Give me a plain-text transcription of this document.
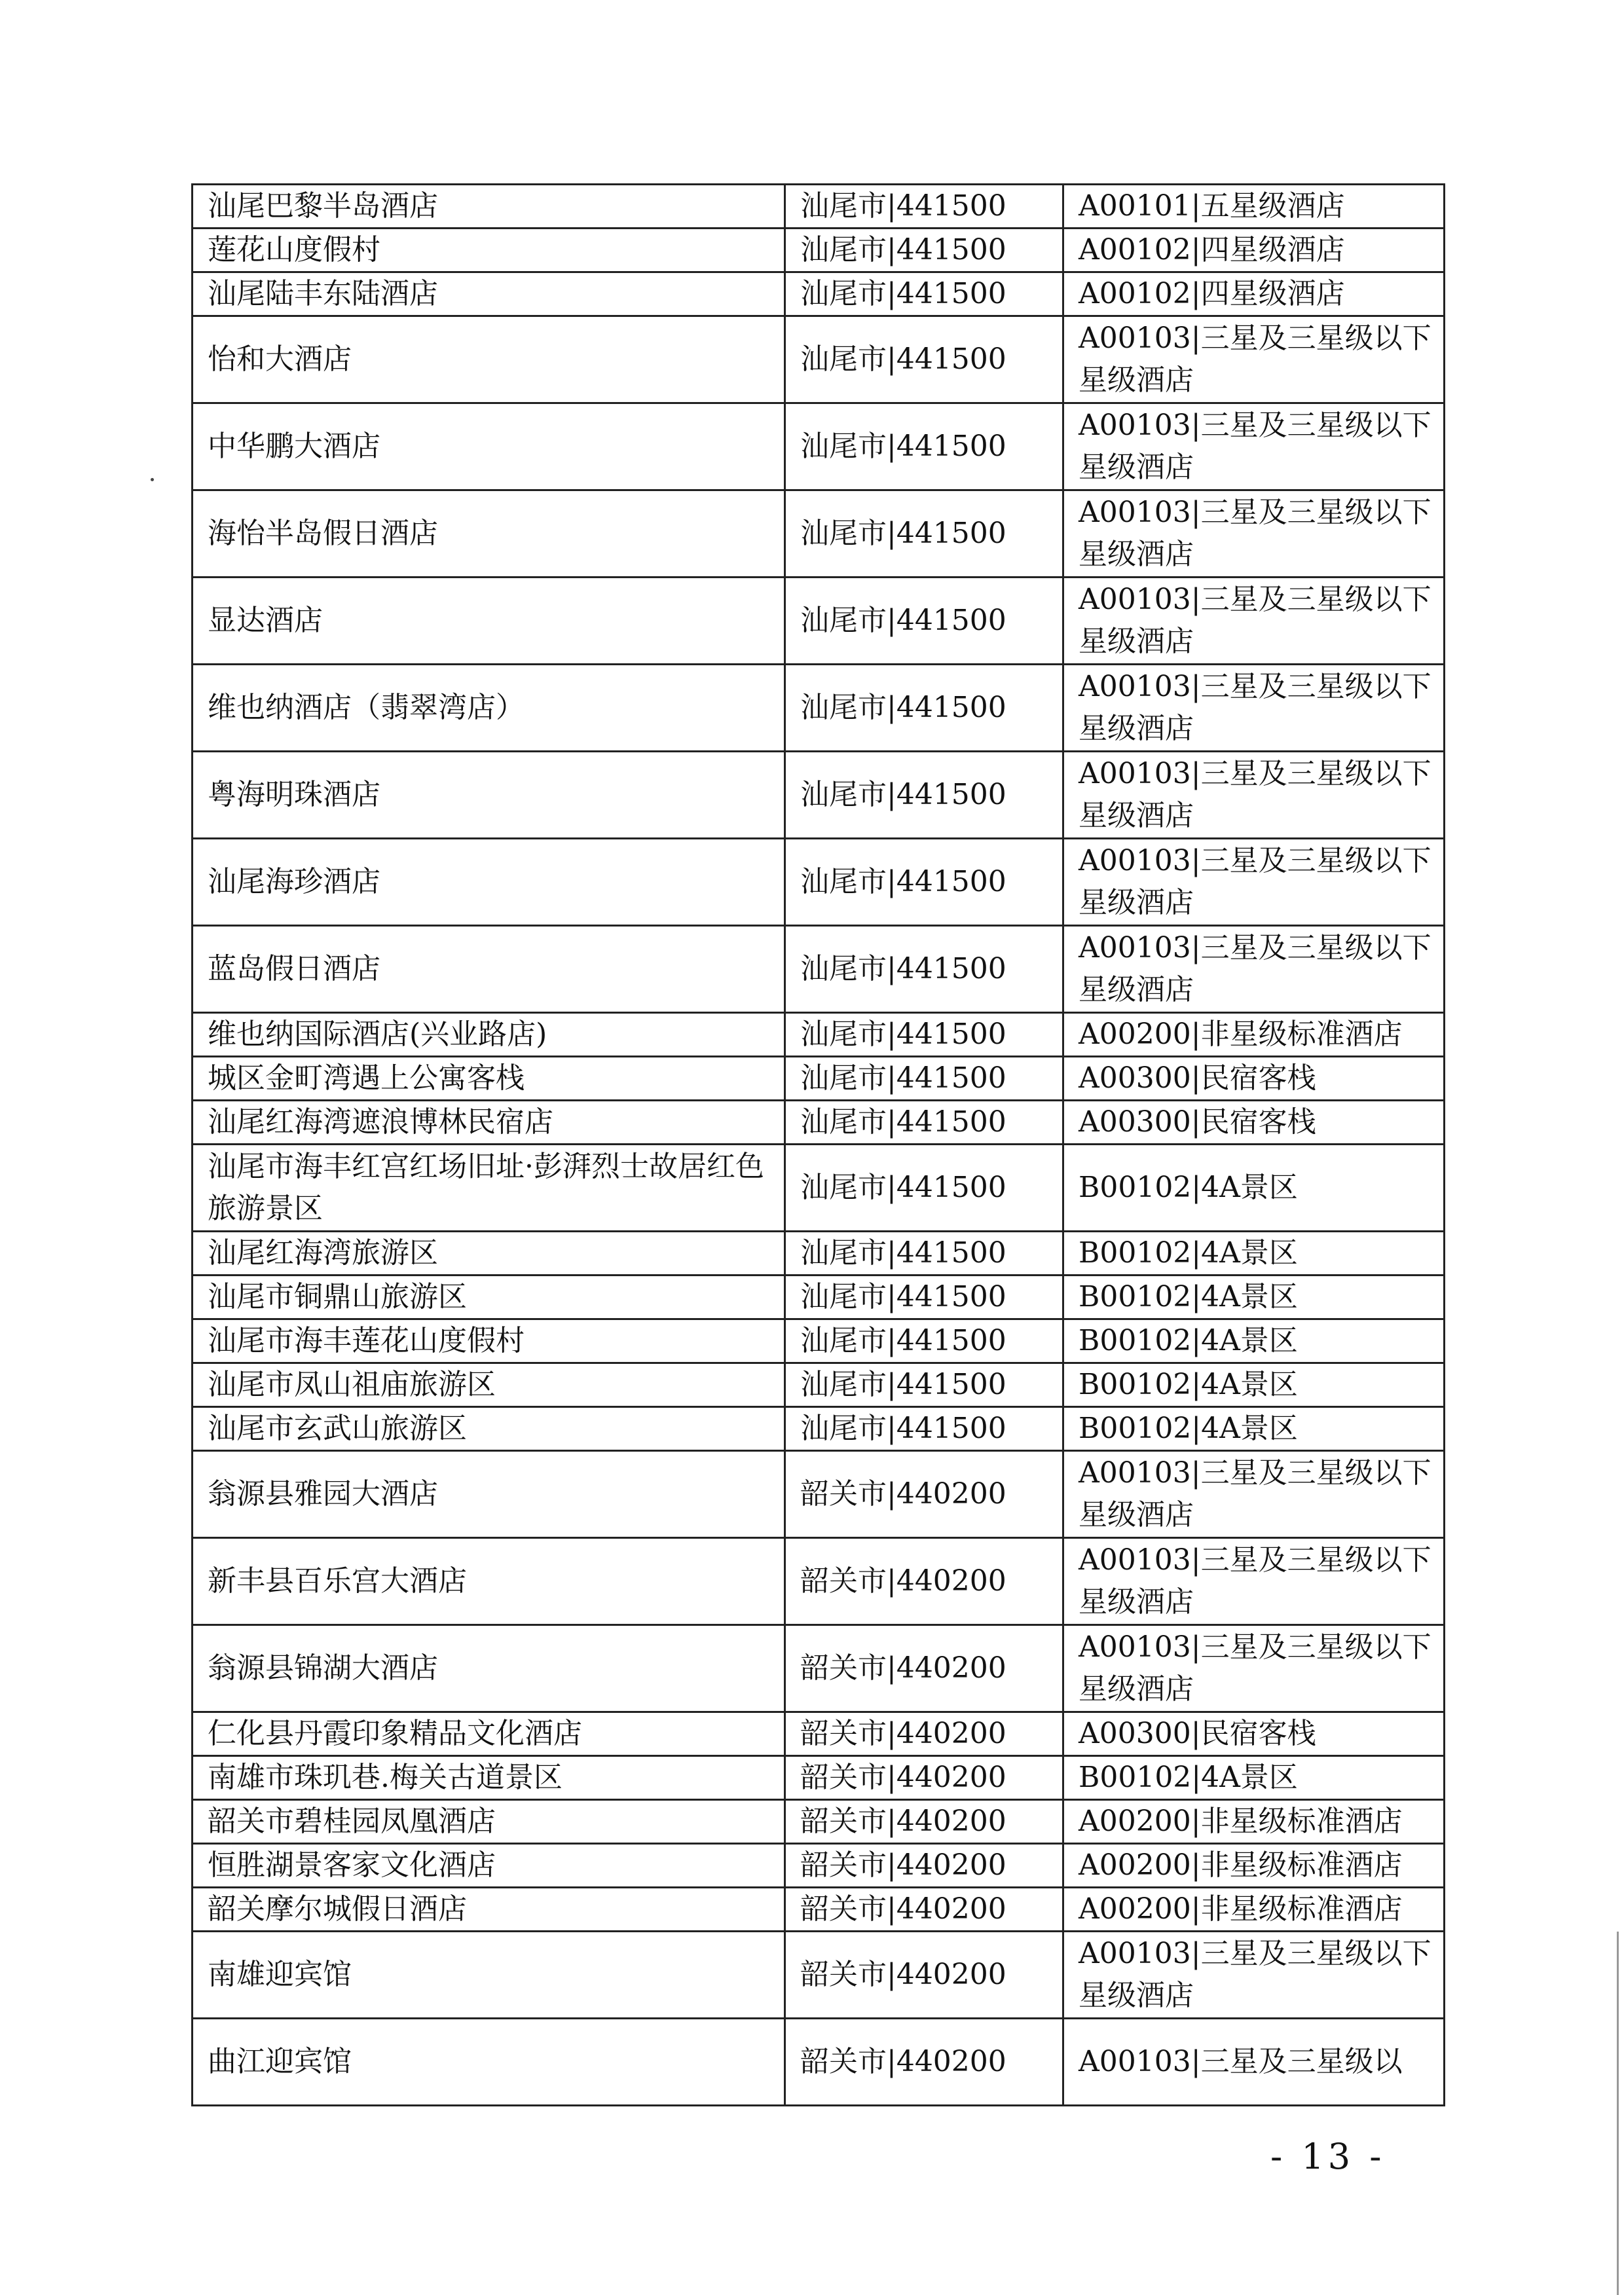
汕尾巴黎半岛酒店	汕尾市|441500	A00101|五星级酒店
莲花山度假村	汕尾市|441500	A00102|四星级酒店
汕尾陆丰东陆酒店	汕尾市|441500	A00102|四星级酒店
怡和大酒店	汕尾市|441500	A00103|三星及三星级以下星级酒店
中华鹏大酒店	汕尾市|441500	A00103|三星及三星级以下星级酒店
海怡半岛假日酒店	汕尾市|441500	A00103|三星及三星级以下星级酒店
显达酒店	汕尾市|441500	A00103|三星及三星级以下星级酒店
维也纳酒店（翡翠湾店）	汕尾市|441500	A00103|三星及三星级以下星级酒店
粤海明珠酒店	汕尾市|441500	A00103|三星及三星级以下星级酒店
汕尾海珍酒店	汕尾市|441500	A00103|三星及三星级以下星级酒店
蓝岛假日酒店	汕尾市|441500	A00103|三星及三星级以下星级酒店
维也纳国际酒店(兴业路店)	汕尾市|441500	A00200|非星级标准酒店
城区金町湾遇上公寓客栈	汕尾市|441500	A00300|民宿客栈
汕尾红海湾遮浪博林民宿店	汕尾市|441500	A00300|民宿客栈
汕尾市海丰红宫红场旧址·彭湃烈士故居红色旅游景区	汕尾市|441500	B00102|4A景区
汕尾红海湾旅游区	汕尾市|441500	B00102|4A景区
汕尾市铜鼎山旅游区	汕尾市|441500	B00102|4A景区
汕尾市海丰莲花山度假村	汕尾市|441500	B00102|4A景区
汕尾市凤山祖庙旅游区	汕尾市|441500	B00102|4A景区
汕尾市玄武山旅游区	汕尾市|441500	B00102|4A景区
翁源县雅园大酒店	韶关市|440200	A00103|三星及三星级以下星级酒店
新丰县百乐宫大酒店	韶关市|440200	A00103|三星及三星级以下星级酒店
翁源县锦湖大酒店	韶关市|440200	A00103|三星及三星级以下星级酒店
仁化县丹霞印象精品文化酒店	韶关市|440200	A00300|民宿客栈
南雄市珠玑巷.梅关古道景区	韶关市|440200	B00102|4A景区
韶关市碧桂园凤凰酒店	韶关市|440200	A00200|非星级标准酒店
恒胜湖景客家文化酒店	韶关市|440200	A00200|非星级标准酒店
韶关摩尔城假日酒店	韶关市|440200	A00200|非星级标准酒店
南雄迎宾馆	韶关市|440200	A00103|三星及三星级以下星级酒店
曲江迎宾馆	韶关市|440200	A00103|三星及三星级以
- 13 -
